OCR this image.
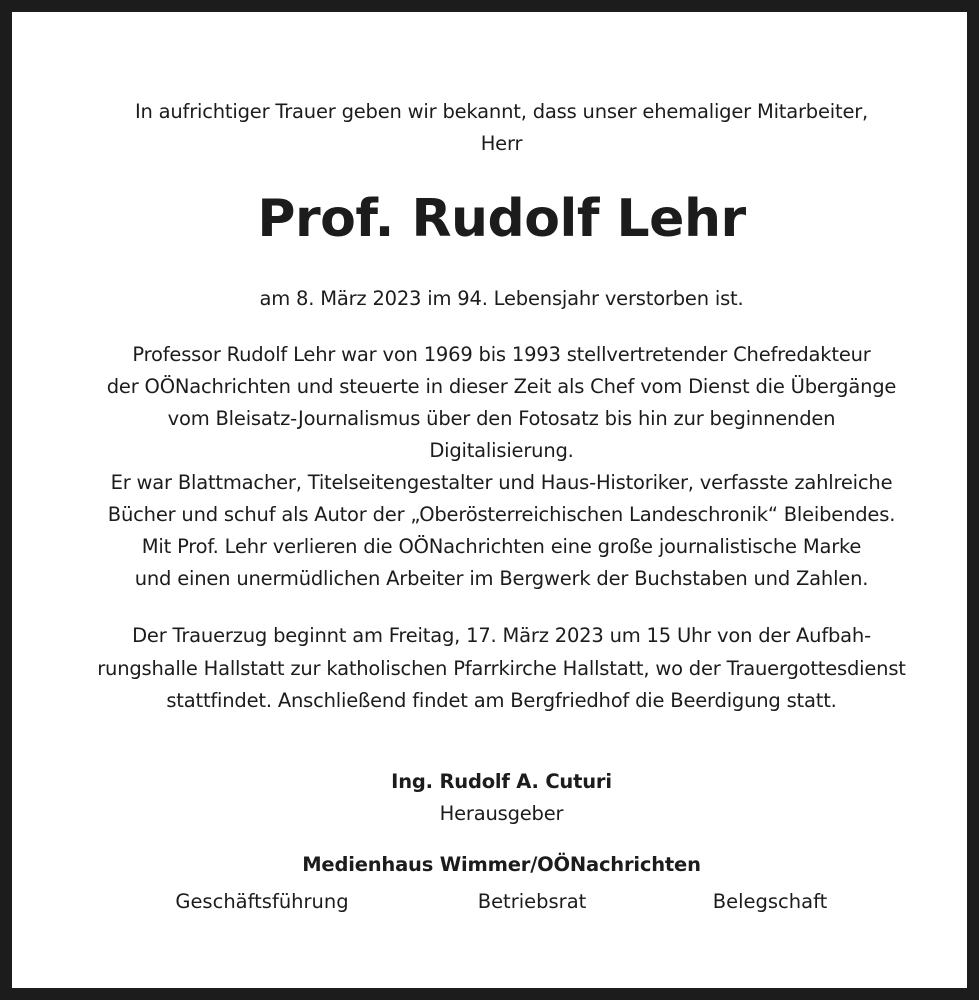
In aufrichtiger Trauer geben wir bekannt, dass unser ehemaliger Mitarbeiter,
Herr
Prof. Rudolf Lehr
am 8. März 2023 im 94. Lebensjahr verstorben ist.
Professor Rudolf Lehr war von 1969 bis 1993 stellvertretender Chefredakteur
der OÖNachrichten und steuerte in dieser Zeit als Chef vom Dienst die Übergänge
vom Bleisatz-Journalismus über den Fotosatz bis hin zur beginnenden
Digitalisierung.
Er war Blattmacher, Titelseitengestalter und Haus-Historiker, verfasste zahlreiche
Bücher und schuf als Autor der „Oberösterreichischen Landeschronik“ Bleibendes.
Mit Prof. Lehr verlieren die OÖNachrichten eine große journalistische Marke
und einen unermüdlichen Arbeiter im Bergwerk der Buchstaben und Zahlen.
Der Trauerzug beginnt am Freitag, 17. März 2023 um 15 Uhr von der Aufbah-
rungshalle Hallstatt zur katholischen Pfarrkirche Hallstatt, wo der Trauergottesdienst
stattfindet. Anschließend findet am Bergfriedhof die Beerdigung statt.
Ing. Rudolf A. Cuturi
Herausgeber
Medienhaus Wimmer/OÖNachrichten
Geschäftsführung	Betriebsrat	Belegschaft
